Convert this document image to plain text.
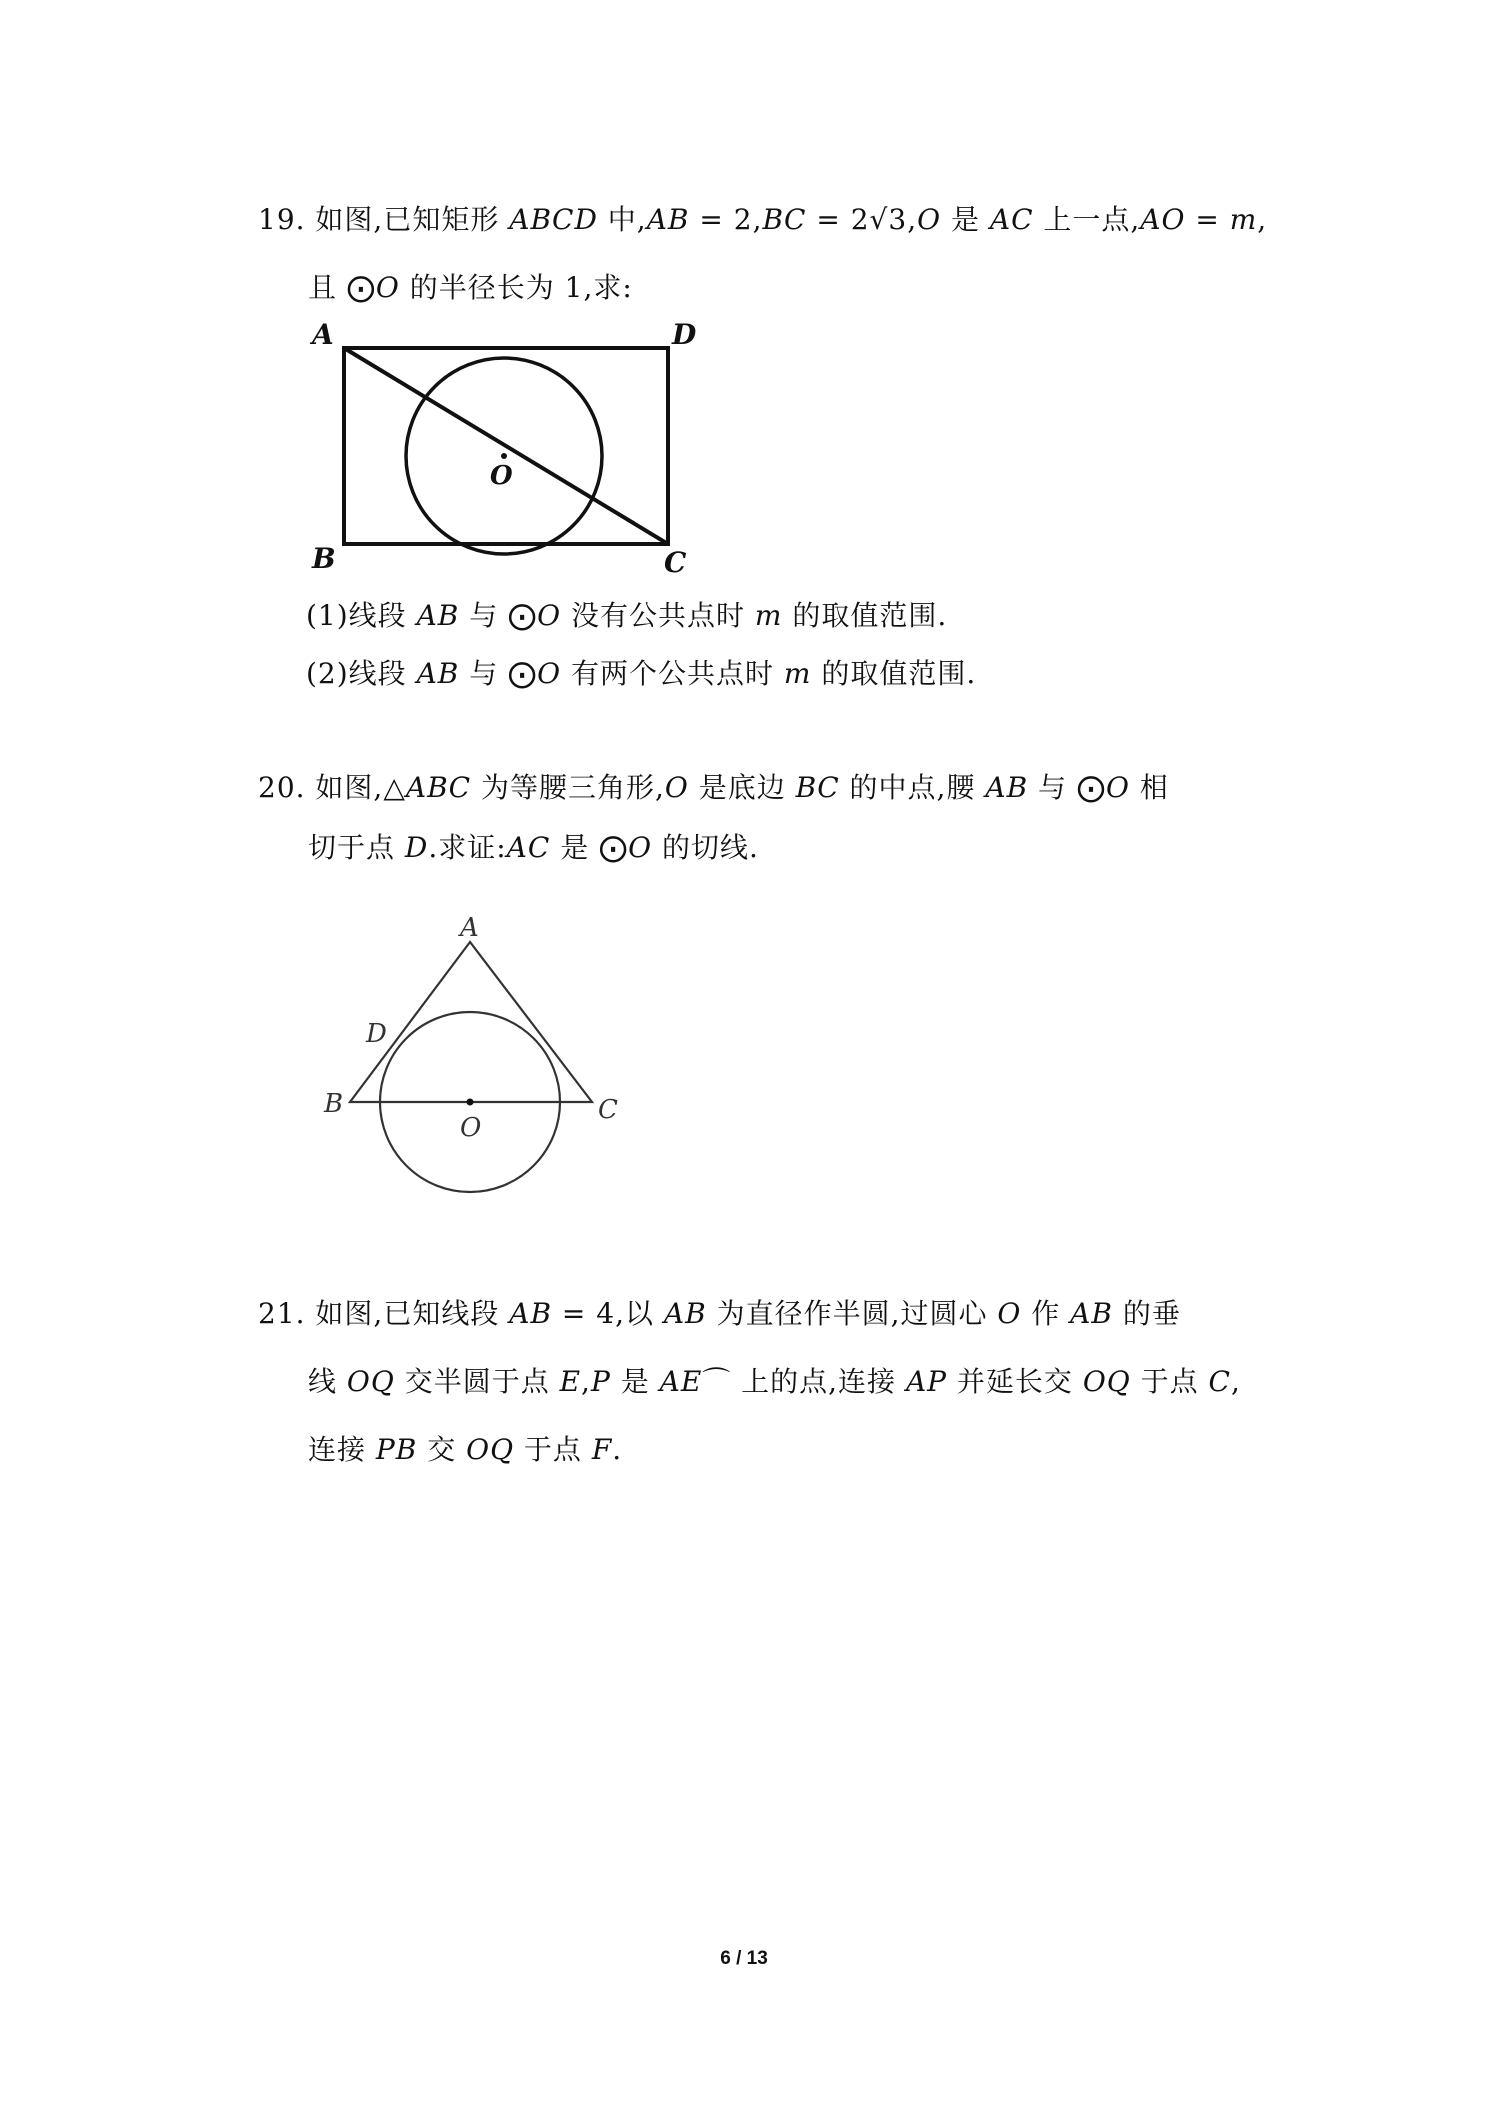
19. 如图,已知矩形 𝐴𝐵𝐶𝐷 中,𝐴𝐵 = 2,𝐵𝐶 = 2√3,𝑂 是 𝐴𝐶 上一点,𝐴𝑂 = 𝑚,
且 ⨀𝑂 的半径长为 1,求:
A	D
B	C
O
(1)线段 𝐴𝐵 与 ⨀𝑂 没有公共点时 𝑚 的取值范围.
(2)线段 𝐴𝐵 与 ⨀𝑂 有两个公共点时 𝑚 的取值范围.
20. 如图,△𝐴𝐵𝐶 为等腰三角形,𝑂 是底边 𝐵𝐶 的中点,腰 𝐴𝐵 与 ⨀𝑂 相
切于点 𝐷.求证:𝐴𝐶 是 ⨀𝑂 的切线.
A
D
B	C
O
21. 如图,已知线段 𝐴𝐵 = 4,以 𝐴𝐵 为直径作半圆,过圆心 𝑂 作 𝐴𝐵 的垂
线 𝑂𝑄 交半圆于点 𝐸,𝑃 是 𝐴𝐸⌒ 上的点,连接 𝐴𝑃 并延长交 𝑂𝑄 于点 𝐶,
连接 𝑃𝐵 交 𝑂𝑄 于点 𝐹.
6 / 13
